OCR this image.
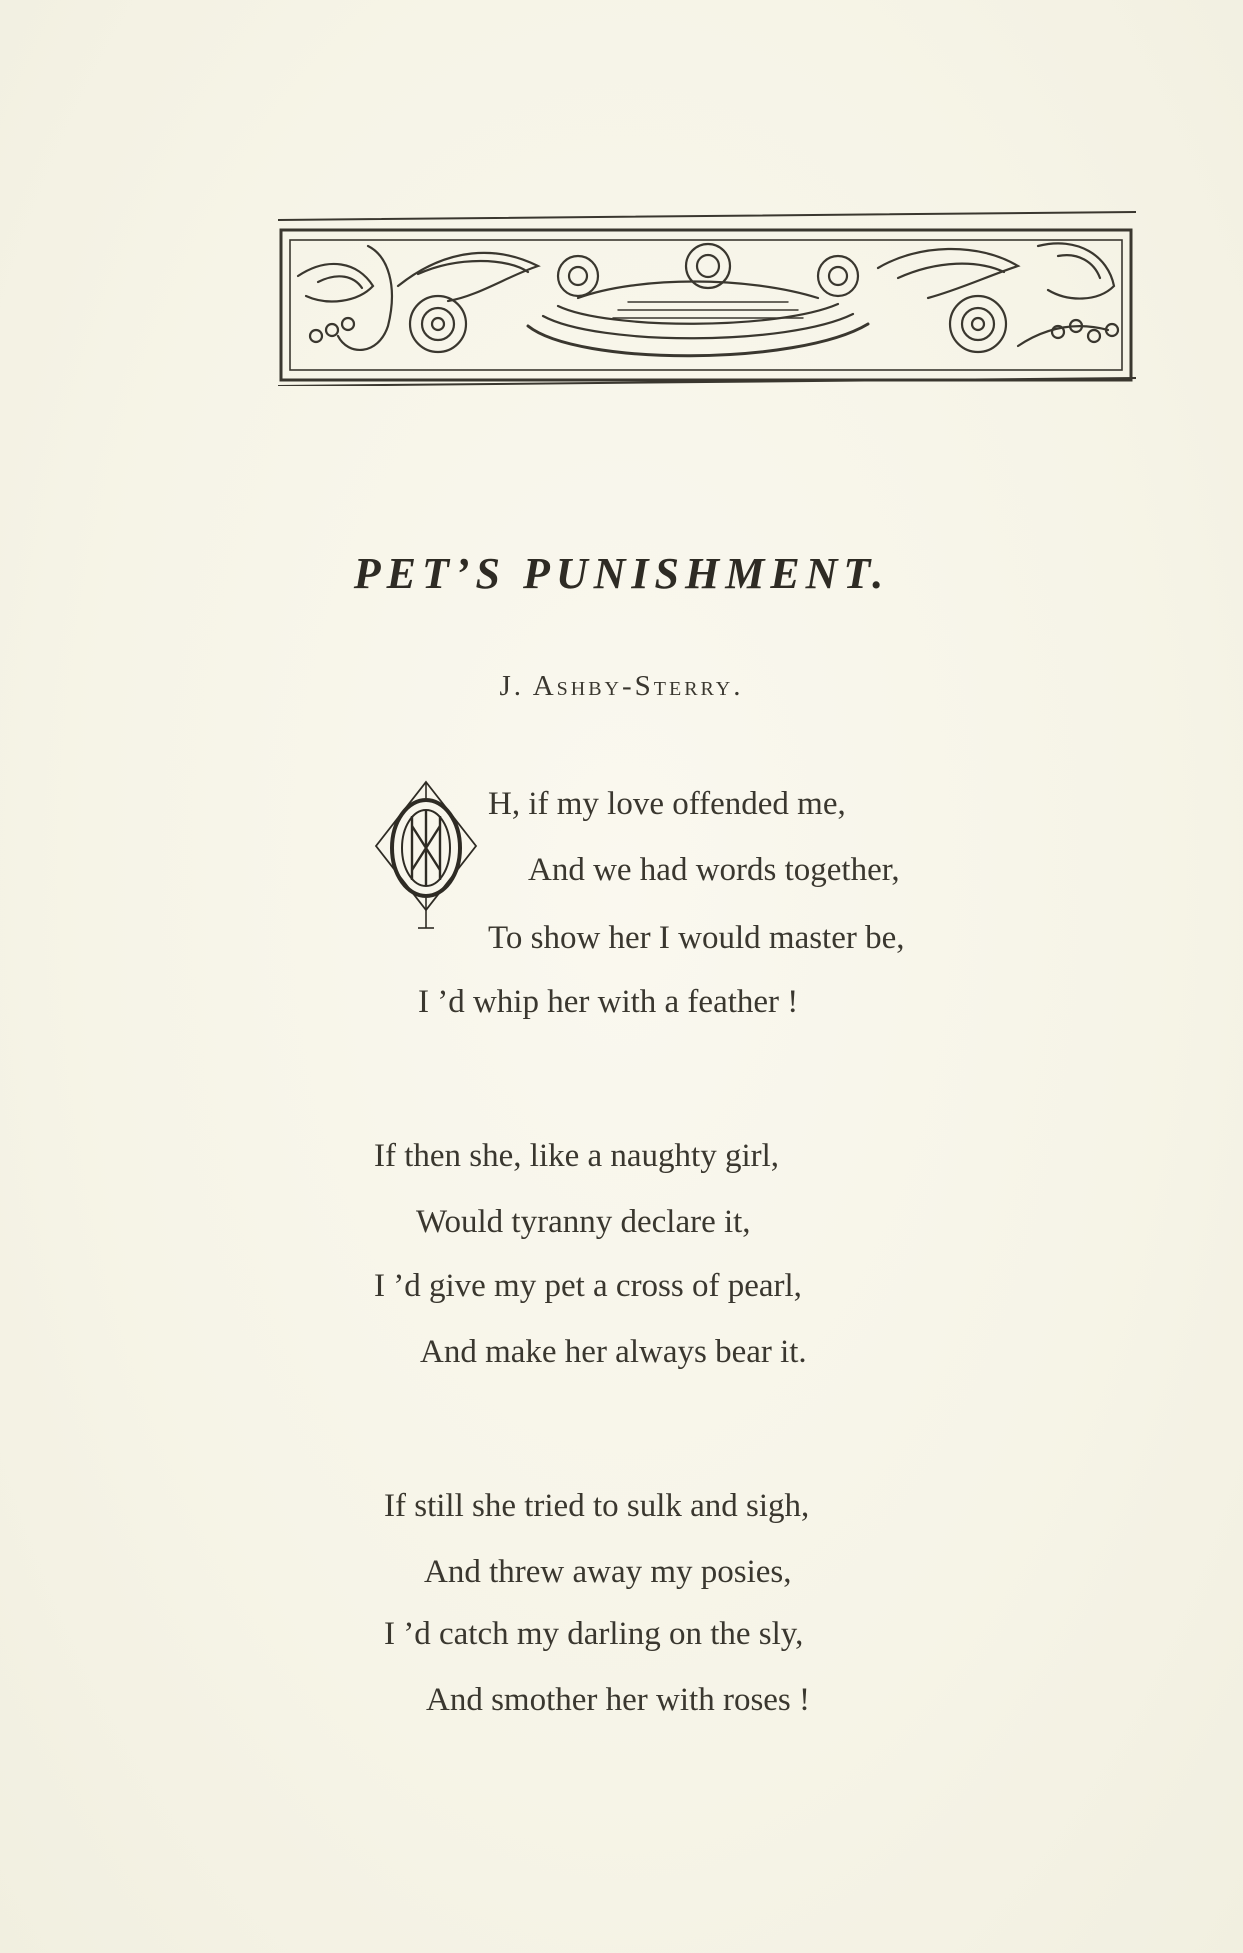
PET’S PUNISHMENT.

J. Ashby-Sterry.

H, if my love offended me,
And we had words together,
To show her I would master be,
I ’d whip her with a feather !
If then she, like a naughty girl,
Would tyranny declare it,
I ’d give my pet a cross of pearl,
And make her always bear it.
If still she tried to sulk and sigh,
And threw away my posies,
I ’d catch my darling on the sly,
And smother her with roses !
